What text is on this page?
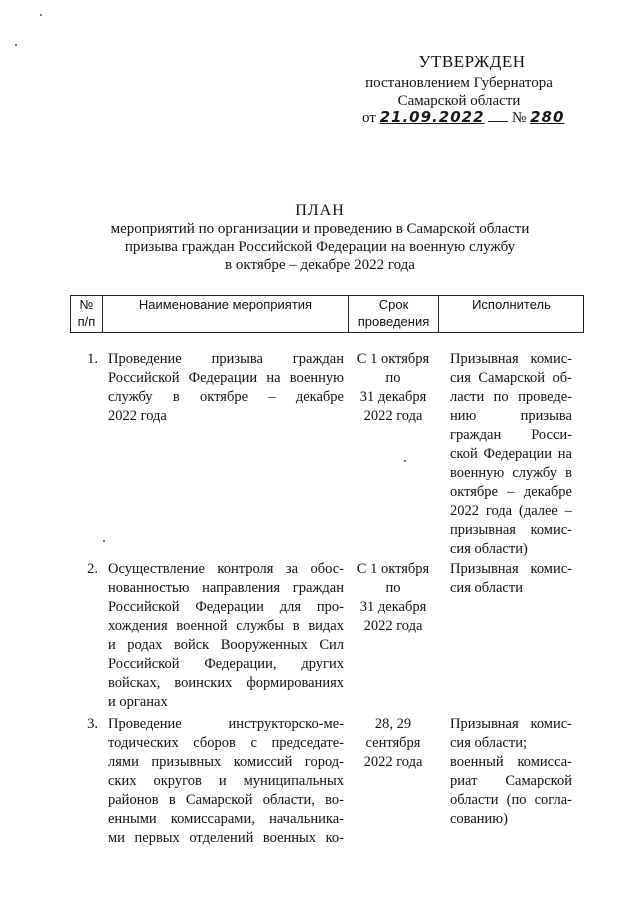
УТВЕРЖДЕН
постановлением Губернатора
Самарской области
от 21.09.2022 № 280
ПЛАН
мероприятий по организации и проведению в Самарской области
призыва граждан Российской Федерации на военную службу
в октябре – декабре 2022 года
№
п/п
Наименование мероприятия	Срок
проведения
Исполнитель
1. Проведение призыва граждан
Российской Федерации на военную
службу в октябре – декабре
2022 года
С 1 октября
по
31 декабря
2022 года
Призывная комис-
сия Самарской об-
ласти по проведе-
нию призыва
граждан Росси-
ской Федерации на
военную службу в
октябре – декабре
2022 года (далее –
призывная комис-
сия области)
2. Осуществление контроля за обос-
нованностью направления граждан
Российской Федерации для про-
хождения военной службы в видах
и родах войск Вооруженных Сил
Российской Федерации, других
войсках, воинских формированиях
и органах
С 1 октября
по
31 декабря
2022 года
Призывная комис-
сия области
3. Проведение инструкторско-ме-
тодических сборов с председате-
лями призывных комиссий город-
ских округов и муниципальных
районов в Самарской области, во-
енными комиссарами, начальника-
ми первых отделений военных ко-
28, 29
сентября
2022 года
Призывная комис-
сия области;
военный комисса-
риат Самарской
области (по согла-
сованию)
